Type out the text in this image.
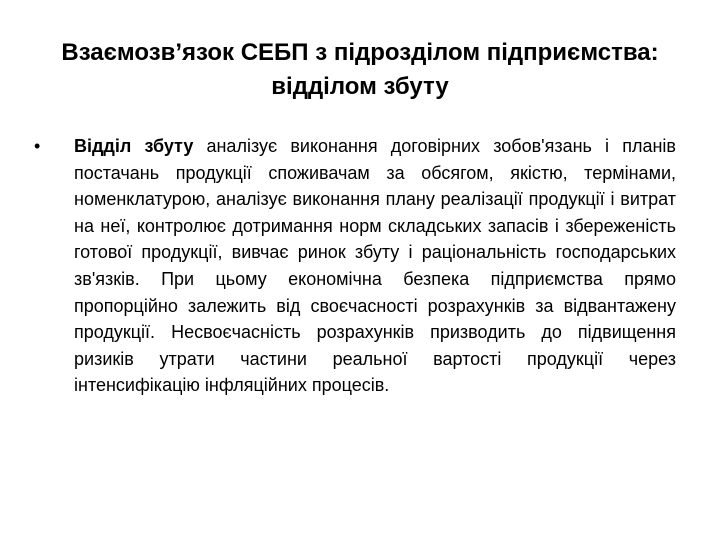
Взаємозв’язок СЕБП з підрозділом підприємства:
відділом збуту
• Відділ збуту аналізує виконання договірних зобов'язань і планів постачань продукції споживачам за обсягом, якістю, термінами, номенклатурою, аналізує виконання плану реалізації продукції і витрат на неї, контролює дотримання норм складських запасів і збереженість готової продукції, вивчає ринок збуту і раціональність господарських зв'язків. При цьому економічна безпека підприємства прямо пропорційно залежить від своєчасності розрахунків за відвантажену продукції. Несвоєчасність розрахунків призводить до підвищення ризиків утрати частини реальної вартості продукції через інтенсифікацію інфляційних процесів.
